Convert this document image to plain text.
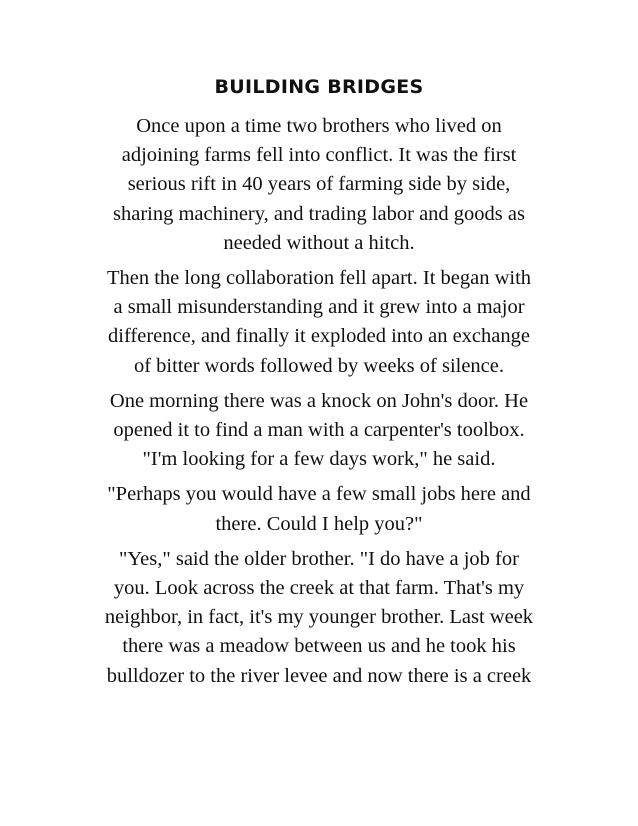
BUILDING BRIDGES

Once upon a time two brothers who lived on
adjoining farms fell into conflict. It was the first
serious rift in 40 years of farming side by side,
sharing machinery, and trading labor and goods as
needed without a hitch.

Then the long collaboration fell apart. It began with
a small misunderstanding and it grew into a major
difference, and finally it exploded into an exchange
of bitter words followed by weeks of silence.

One morning there was a knock on John's door. He
opened it to find a man with a carpenter's toolbox.
"I'm looking for a few days work," he said.

"Perhaps you would have a few small jobs here and
there. Could I help you?"

"Yes," said the older brother. "I do have a job for
you. Look across the creek at that farm. That's my
neighbor, in fact, it's my younger brother. Last week
there was a meadow between us and he took his
bulldozer to the river levee and now there is a creek
